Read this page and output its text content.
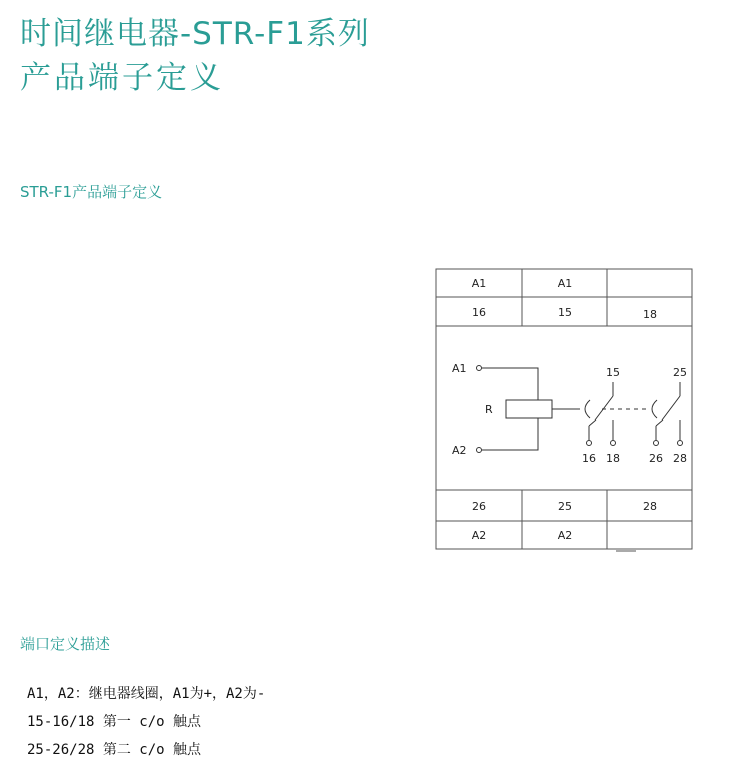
时间继电器-STR-F1系列
产品端子定义
STR-F1产品端子定义
A1	A1
16	15	18
26	25	28
A2	A2
A1
R
A2
15
16 18
25
26 28
端口定义描述
A1，A2：继电器线圈，A1为+，A2为-
15-16/18 第一 c/o 触点
25-26/28 第二 c/o 触点
